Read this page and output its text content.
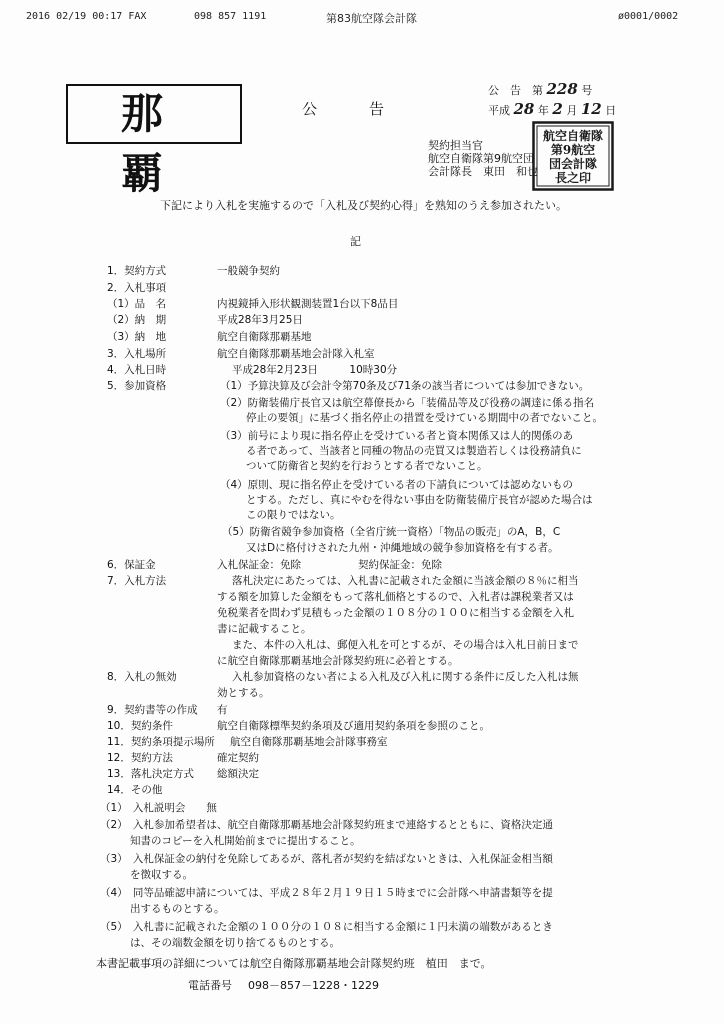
2016 02/19 00:17 FAX	098 857 1191	第83航空隊会計隊	ø0001/0002
那 覇
公告
公　告　第 228 号
平成 28 年 2 月 12 日
契約担当官
航空自衛隊第9航空団
会計隊長　東田　和也
航空自衛隊
第9航空
団会計隊
長之印
下記により入札を実施するので「入札及び契約心得」を熟知のうえ参加されたい。
記
1．契約方式	一般競争契約
2．入札事項
（1）品　名	内視鏡挿入形状観測装置1台以下8品目
（2）納　期	平成28年3月25日
（3）納　地	航空自衛隊那覇基地
3．入札場所	航空自衛隊那覇基地会計隊入札室
4．入札日時	平成28年2月23日　　　10時30分
5．参加資格	（1）予算決算及び会計令第70条及び71条の該当者については参加できない。
（2）防衛装備庁長官又は航空幕僚長から「装備品等及び役務の調達に係る指名
停止の要領」に基づく指名停止の措置を受けている期間中の者でないこと。
（3）前号により現に指名停止を受けている者と資本関係又は人的関係のあ
る者であって、当該者と同種の物品の売買又は製造若しくは役務請負に
ついて防衛省と契約を行おうとする者でないこと。
（4）原則、現に指名停止を受けている者の下請負については認めないもの
とする。ただし、真にやむを得ない事由を防衛装備庁長官が認めた場合は
この限りではない。
（5）防衛省競争参加資格（全省庁統一資格）「物品の販売」のA，B，C
又はDに格付けされた九州・沖縄地域の競争参加資格を有する者。
6．保証金	入札保証金：免除	契約保証金：免除
7．入札方法	落札決定にあたっては、入札書に記載された金額に当該金額の８％に相当
する額を加算した金額をもって落札価格とするので、入札者は課税業者又は
免税業者を問わず見積もった金額の１０８分の１００に相当する金額を入札
書に記載すること。
また、本件の入札は、郵便入札を可とするが、その場合は入札日前日まで
に航空自衛隊那覇基地会計隊契約班に必着とする。
8．入札の無効	入札参加資格のない者による入札及び入札に関する条件に反した入札は無
効とする。
9．契約書等の作成 有
10．契約条件	航空自衛隊標準契約条項及び適用契約条項を参照のこと。
11．契約条項提示場所 航空自衛隊那覇基地会計隊事務室
12．契約方法	確定契約
13．落札決定方式 総額決定
14．その他
（1）　入札説明会　　無
（2）　入札参加希望者は、航空自衛隊那覇基地会計隊契約班まで連絡するとともに、資格決定通
知書のコピーを入札開始前までに提出すること。
（3）　入札保証金の納付を免除してあるが、落札者が契約を結ばないときは、入札保証金相当額
を徴収する。
（4）　同等品確認申請については、平成２８年２月１９日１５時までに会計隊へ申請書類等を提
出するものとする。
（5）　入札書に記載された金額の１００分の１０８に相当する金額に１円未満の端数があるとき
は、その端数金額を切り捨てるものとする。
本書記載事項の詳細については航空自衛隊那覇基地会計隊契約班　植田　まで。
電話番号 098－857－1228・1229
